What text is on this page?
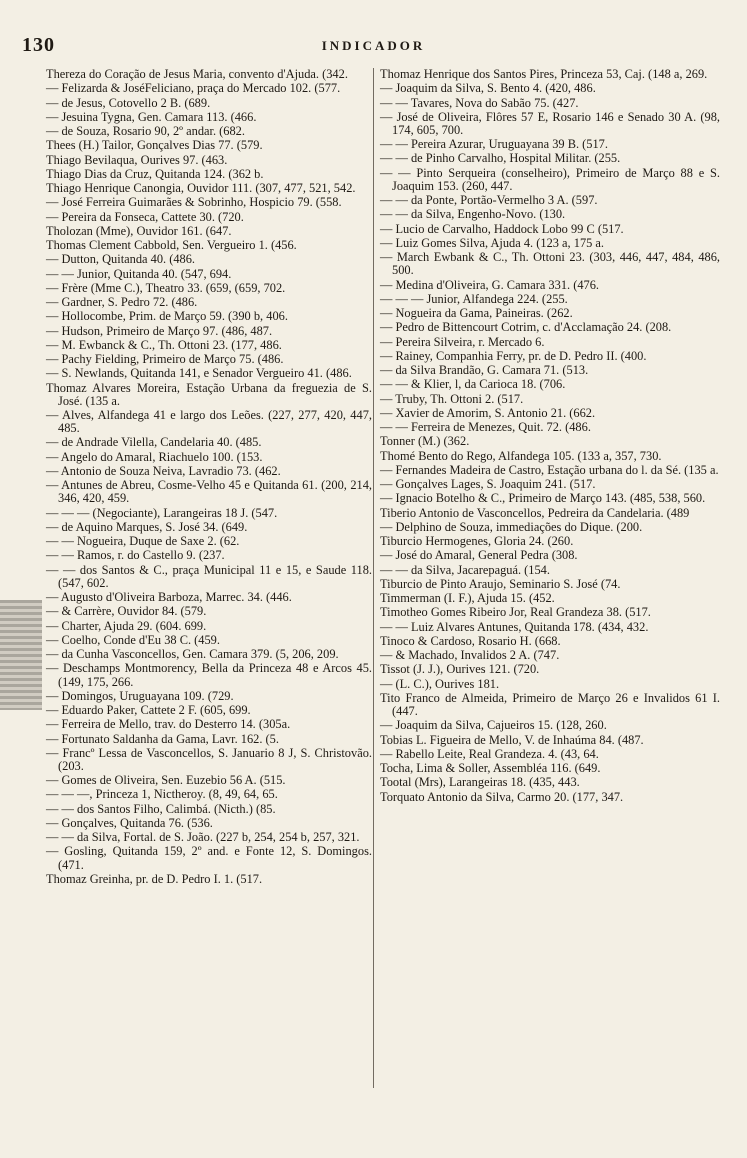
130	INDICADOR

Thereza do Coração de Jesus Maria, convento d'Ajuda. (342.

— Felizarda & JoséFeliciano, praça do Mercado 102. (577.

— de Jesus, Cotovello 2 B. (689.

— Jesuina Tygna, Gen. Camara 113. (466.

— de Souza, Rosario 90, 2º andar. (682.

Thees (H.) Tailor, Gonçalves Dias 77. (579.

Thiago Bevilaqua, Ourives 97. (463.

Thiago Dias da Cruz, Quitanda 124. (362 b.

Thiago Henrique Canongia, Ouvidor 111. (307, 477, 521, 542.

— José Ferreira Guimarães & Sobrinho, Hospicio 79. (558.

— Pereira da Fonseca, Cattete 30. (720.

Tholozan (Mme), Ouvidor 161. (647.

Thomas Clement Cabbold, Sen. Vergueiro 1. (456.

— Dutton, Quitanda 40. (486.

— — Junior, Quitanda 40. (547, 694.

— Frère (Mme C.), Theatro 33. (659, (659, 702.

— Gardner, S. Pedro 72. (486.

— Hollocombe, Prim. de Março 59. (390 b, 406.

— Hudson, Primeiro de Março 97. (486, 487.

— M. Ewbanck & C., Th. Ottoni 23. (177, 486.

— Pachy Fielding, Primeiro de Março 75. (486.

— S. Newlands, Quitanda 141, e Senador Vergueiro 41. (486.

Thomaz Alvares Moreira, Estação Urbana da freguezia de S. José. (135 a.

— Alves, Alfandega 41 e largo dos Leões. (227, 277, 420, 447, 485.

— de Andrade Vilella, Candelaria 40. (485.

— Angelo do Amaral, Riachuelo 100. (153.

— Antonio de Souza Neiva, Lavradio 73. (462.

— Antunes de Abreu, Cosme-Velho 45 e Quitanda 61. (200, 214, 346, 420, 459.

— — — (Negociante), Larangeiras 18 J. (547.

— de Aquino Marques, S. José 34. (649.

— — Nogueira, Duque de Saxe 2. (62.

— — Ramos, r. do Castello 9. (237.

— — dos Santos & C., praça Municipal 11 e 15, e Saude 118. (547, 602.

— Augusto d'Oliveira Barboza, Marrec. 34. (446.

— & Carrère, Ouvidor 84. (579.

— Charter, Ajuda 29. (604. 699.

— Coelho, Conde d'Eu 38 C. (459.

— da Cunha Vasconcellos, Gen. Camara 379. (5, 206, 209.

— Deschamps Montmorency, Bella da Princeza 48 e Arcos 45. (149, 175, 266.

— Domingos, Uruguayana 109. (729.

— Eduardo Paker, Cattete 2 F. (605, 699.

— Ferreira de Mello, trav. do Desterro 14. (305a.

— Fortunato Saldanha da Gama, Lavr. 162. (5.

— Francº Lessa de Vasconcellos, S. Januario 8 J, S. Christovão. (203.

— Gomes de Oliveira, Sen. Euzebio 56 A. (515.

— — —, Princeza 1, Nictheroy. (8, 49, 64, 65.

— — dos Santos Filho, Calimbá. (Nicth.) (85.

— Gonçalves, Quitanda 76. (536.

— — da Silva, Fortal. de S. João. (227 b, 254, 254 b, 257, 321.

— Gosling, Quitanda 159, 2º and. e Fonte 12, S. Domingos. (471.

Thomaz Greinha, pr. de D. Pedro I. 1. (517.

Thomaz Henrique dos Santos Pires, Princeza 53, Caj. (148 a, 269.

— Joaquim da Silva, S. Bento 4. (420, 486.

— — Tavares, Nova do Sabão 75. (427.

— José de Oliveira, Flôres 57 E, Rosario 146 e Senado 30 A. (98, 174, 605, 700.

— — Pereira Azurar, Uruguayana 39 B. (517.

— — de Pinho Carvalho, Hospital Militar. (255.

— — Pinto Serqueira (conselheiro), Primeiro de Março 88 e S. Joaquim 153. (260, 447.

— — da Ponte, Portão-Vermelho 3 A. (597.

— — da Silva, Engenho-Novo. (130.

— Lucio de Carvalho, Haddock Lobo 99 C (517.

— Luiz Gomes Silva, Ajuda 4. (123 a, 175 a.

— March Ewbank & C., Th. Ottoni 23. (303, 446, 447, 484, 486, 500.

— Medina d'Oliveira, G. Camara 331. (476.

— — — Junior, Alfandega 224. (255.

— Nogueira da Gama, Paineiras. (262.

— Pedro de Bittencourt Cotrim, c. d'Acclamação 24. (208.

— Pereira Silveira, r. Mercado 6.

— Rainey, Companhia Ferry, pr. de D. Pedro II. (400.

— da Silva Brandão, G. Camara 71. (513.

— — & Klier, l, da Carioca 18. (706.

— Truby, Th. Ottoni 2. (517.

— Xavier de Amorim, S. Antonio 21. (662.

— — Ferreira de Menezes, Quit. 72. (486.

Tonner (M.) (362.

Thomé Bento do Rego, Alfandega 105. (133 a, 357, 730.

— Fernandes Madeira de Castro, Estação urbana do l. da Sé. (135 a.

— Gonçalves Lages, S. Joaquim 241. (517.

— Ignacio Botelho & C., Primeiro de Março 143. (485, 538, 560.

Tiberio Antonio de Vasconcellos, Pedreira da Candelaria. (489

— Delphino de Souza, immediações do Dique. (200.

Tiburcio Hermogenes, Gloria 24. (260.

— José do Amaral, General Pedra (308.

— — da Silva, Jacarepaguá. (154.

Tiburcio de Pinto Araujo, Seminario S. José (74.

Timmerman (I. F.), Ajuda 15. (452.

Timotheo Gomes Ribeiro Jor, Real Grandeza 38. (517.

— — Luiz Alvares Antunes, Quitanda 178. (434, 432.

Tinoco & Cardoso, Rosario H. (668.

— & Machado, Invalidos 2 A. (747.

Tissot (J. J.), Ourives 121. (720.

— (L. C.), Ourives 181.

Tito Franco de Almeida, Primeiro de Março 26 e Invalidos 61 I. (447.

— Joaquim da Silva, Cajueiros 15. (128, 260.

Tobias L. Figueira de Mello, V. de Inhaúma 84. (487.

— Rabello Leite, Real Grandeza. 4. (43, 64.

Tocha, Lima & Soller, Assembléa 116. (649.

Tootal (Mrs), Larangeiras 18. (435, 443.

Torquato Antonio da Silva, Carmo 20. (177, 347.
